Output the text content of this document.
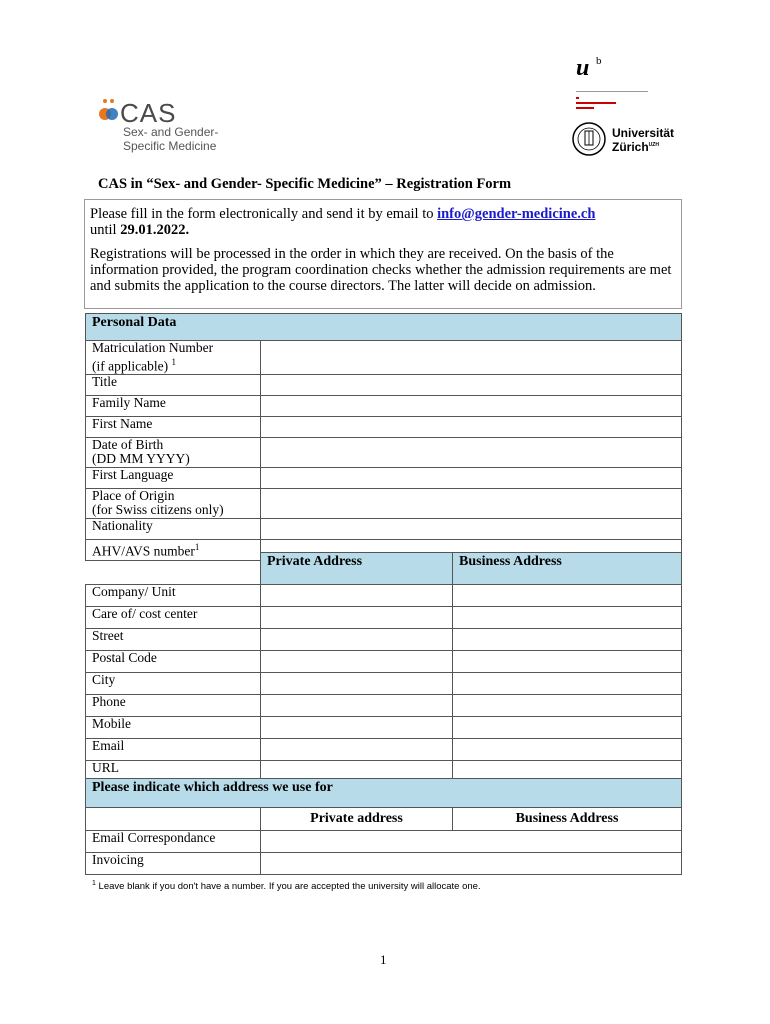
CAS
Sex- and Gender-
Specific Medicine
u b
Universität
Zürich$^{UZH}$
CAS in “Sex- and Gender- Specific Medicine” – Registration Form

Please fill in the form electronically and send it by email to info@gender-medicine.ch
until 29.01.2022.

Registrations will be processed in the order in which they are received. On the basis of the information provided, the program coordination checks whether the admission requirements are met and submits the application to the course directors. The latter will decide on admission.

Personal Data	
Matriculation Number
(if applicable) $^1$	
Title	
Family Name	
First Name	
Date of Birth
(DD MM YYYY)	
First Language	
Place of Origin
(for Swiss citizens only)	
Nationality	
AHV/AVS number$^1$	
	Private Address	Business Address
Company/ Unit		
Care of/ cost center		
Street		
Postal Code		
City		
Phone		
Mobile		
Email		
URL		
Please indicate which address we use for		
	Private address	Business Address
Email Correspondance		
Invoicing		
$^1$ Leave blank if you don't have a number. If you are accepted the university will allocate one.
1
